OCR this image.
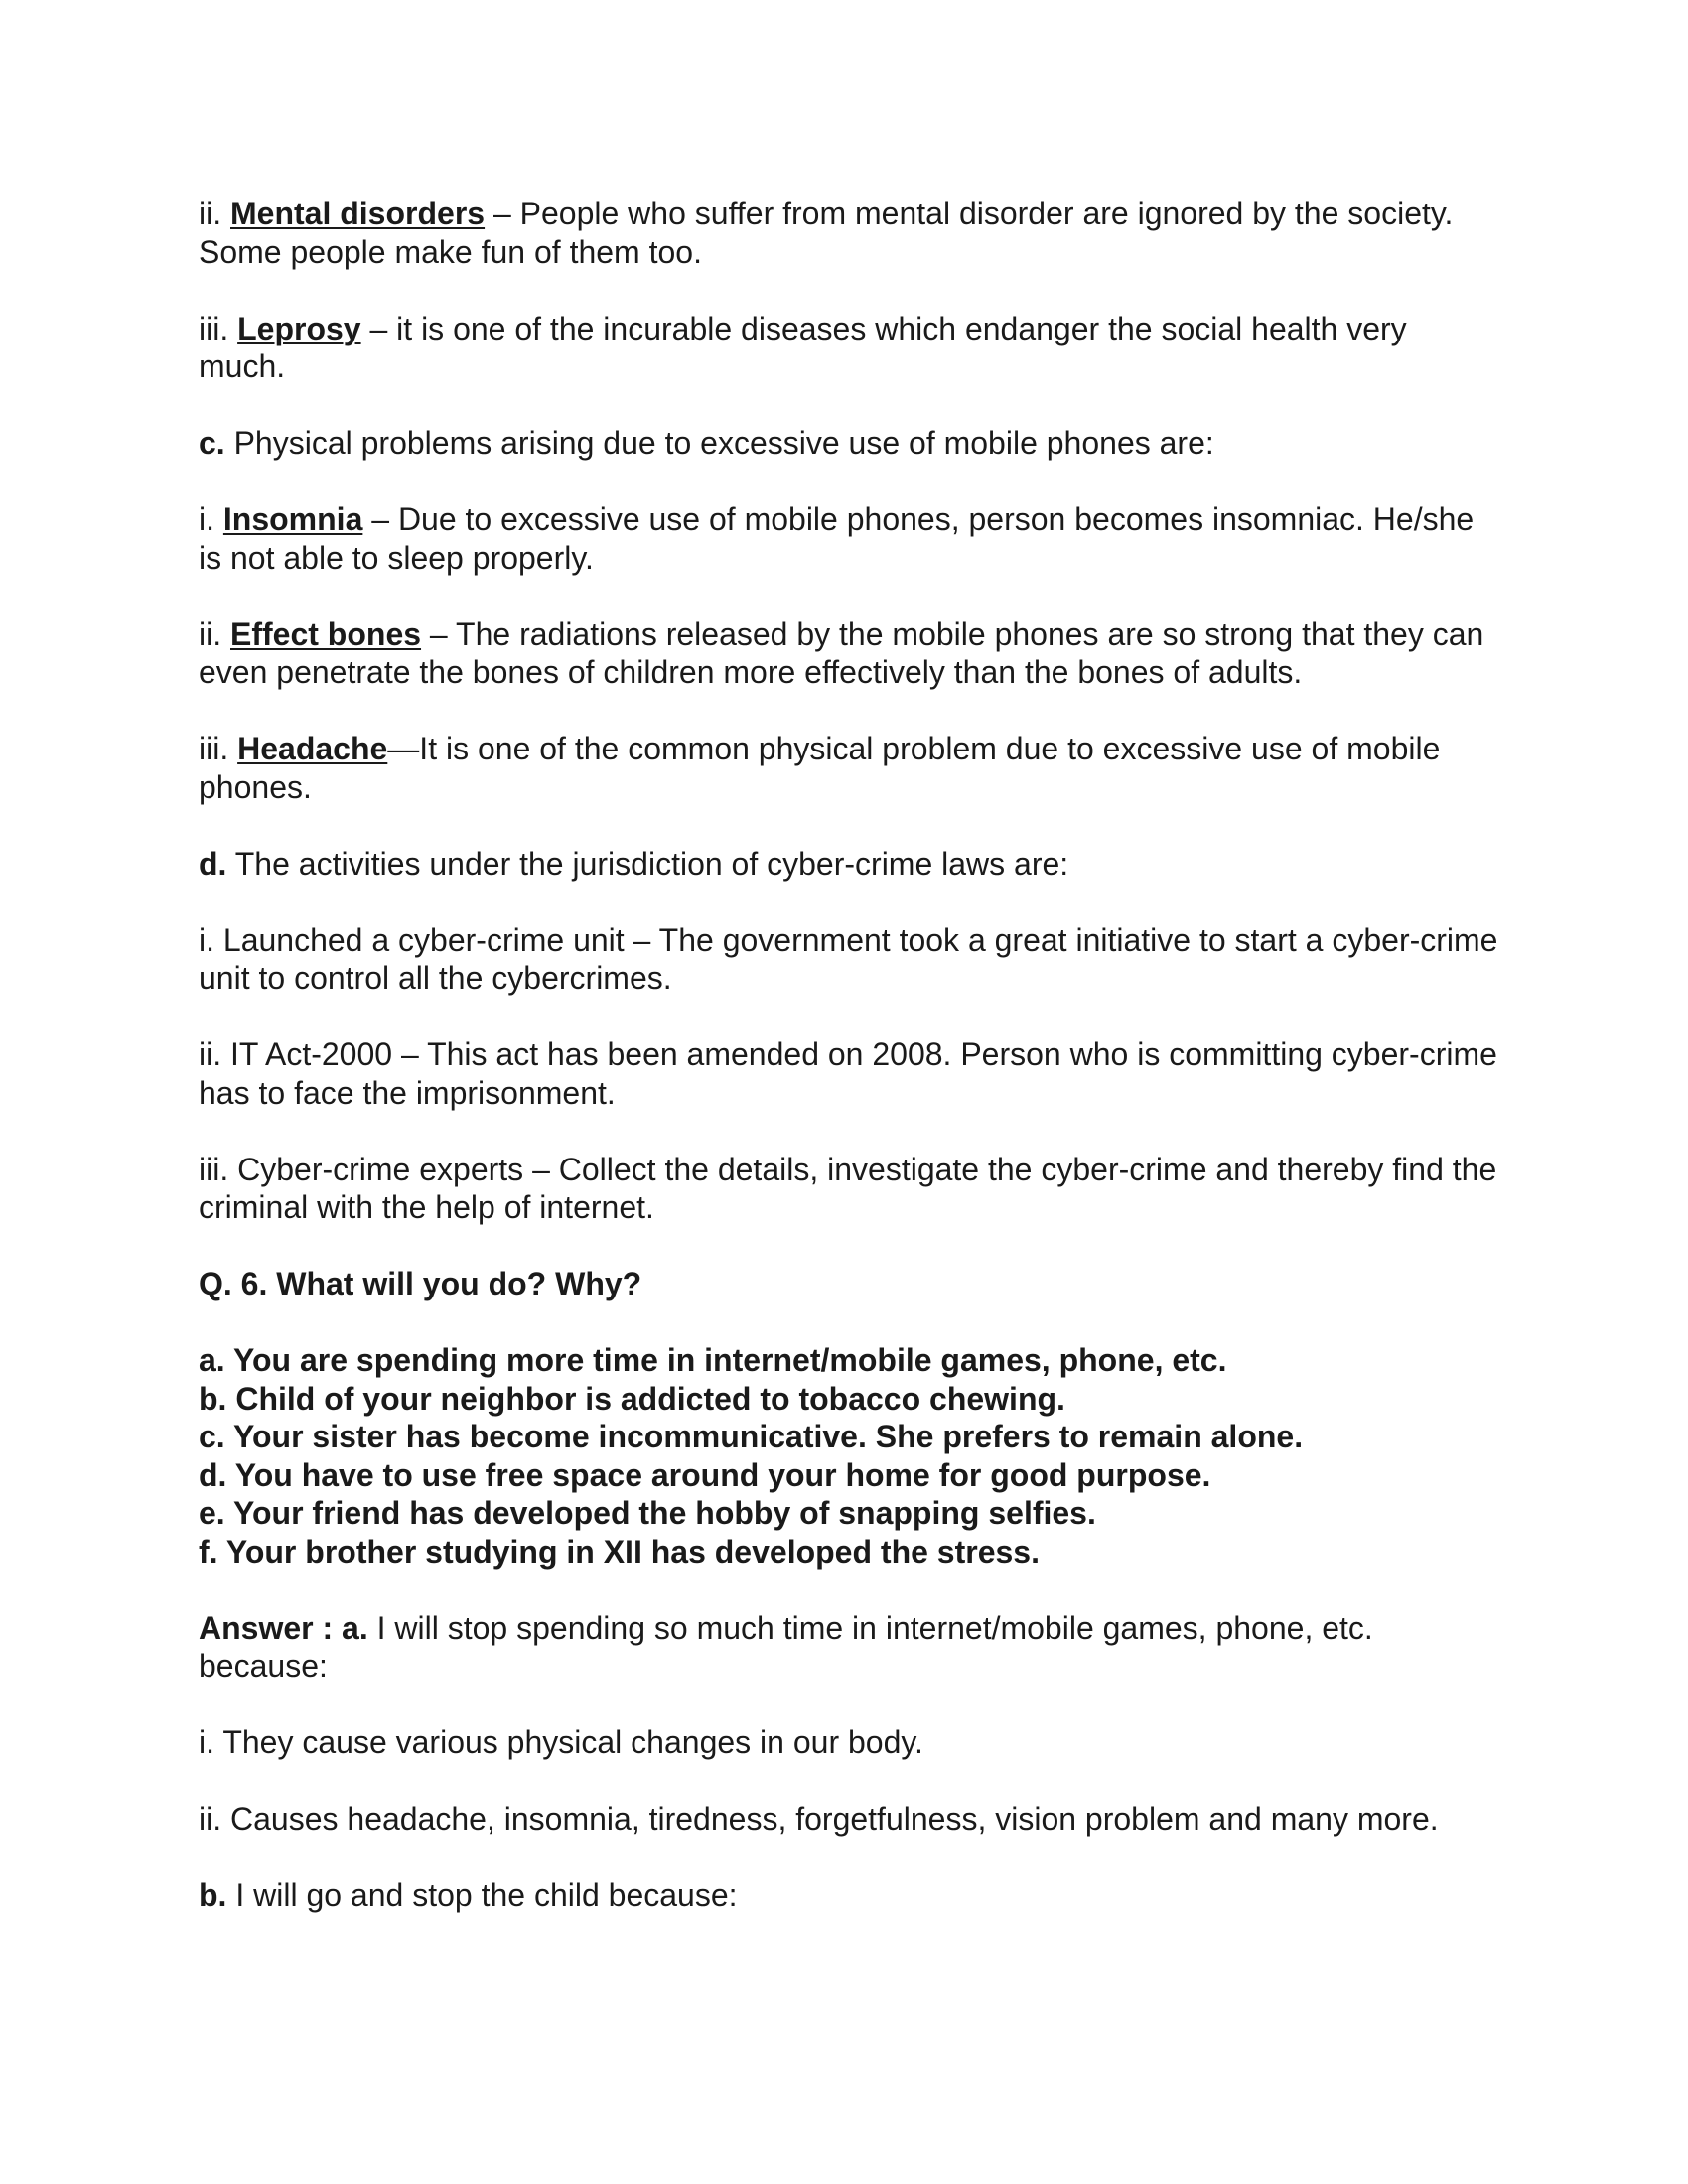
ii. Mental disorders – People who suffer from mental disorder are ignored by the society. Some people make fun of them too.

iii. Leprosy – it is one of the incurable diseases which endanger the social health very much.

c. Physical problems arising due to excessive use of mobile phones are:

i. Insomnia – Due to excessive use of mobile phones, person becomes insomniac. He/she is not able to sleep properly.

ii. Effect bones – The radiations released by the mobile phones are so strong that they can even penetrate the bones of children more effectively than the bones of adults.

iii. Headache—It is one of the common physical problem due to excessive use of mobile phones.

d. The activities under the jurisdiction of cyber-crime laws are:

i. Launched a cyber-crime unit – The government took a great initiative to start a cyber-crime unit to control all the cybercrimes.

ii. IT Act-2000 – This act has been amended on 2008. Person who is committing cyber-crime has to face the imprisonment.

iii. Cyber-crime experts – Collect the details, investigate the cyber-crime and thereby find the criminal with the help of internet.

Q. 6. What will you do? Why?

a. You are spending more time in internet/mobile games, phone, etc.
b. Child of your neighbor is addicted to tobacco chewing.
c. Your sister has become incommunicative. She prefers to remain alone.
d. You have to use free space around your home for good purpose.
e. Your friend has developed the hobby of snapping selfies.
f. Your brother studying in XII has developed the stress.

Answer : a. I will stop spending so much time in internet/mobile games, phone, etc. because:

i. They cause various physical changes in our body.

ii. Causes headache, insomnia, tiredness, forgetfulness, vision problem and many more.

b. I will go and stop the child because:
